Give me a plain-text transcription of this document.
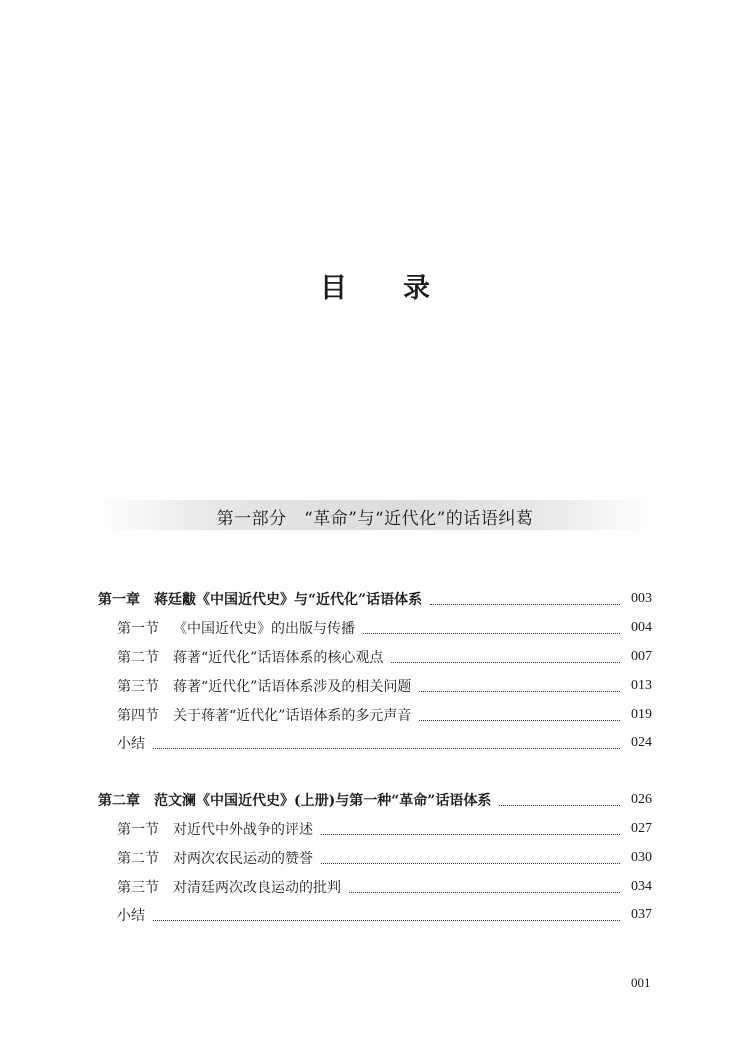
目 录
第一部分　“革命”与“近代化”的话语纠葛
第一章 蒋廷黻《中国近代史》与“近代化”话语体系	003
第一节 《中国近代史》的出版与传播	004
第二节 蒋著“近代化”话语体系的核心观点	007
第三节 蒋著“近代化”话语体系涉及的相关问题	013
第四节 关于蒋著“近代化”话语体系的多元声音	019
小结	024
第二章 范文澜《中国近代史》(上册)与第一种“革命”话语体系	026
第一节 对近代中外战争的评述	027
第二节 对两次农民运动的赞誉	030
第三节 对清廷两次改良运动的批判	034
小结	037
001
